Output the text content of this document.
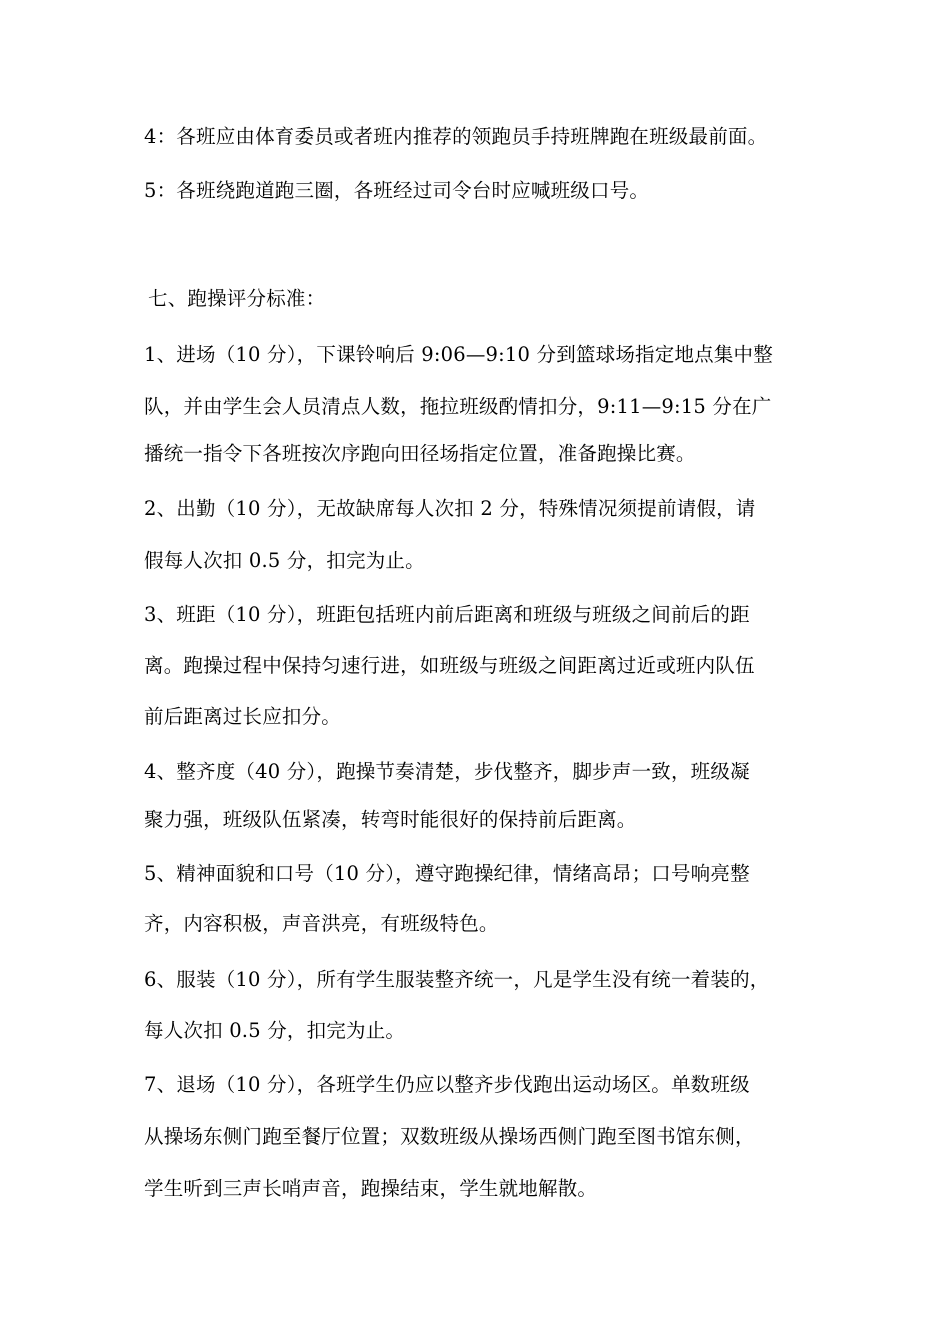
4：各班应由体育委员或者班内推荐的领跑员手持班牌跑在班级最前面。
5：各班绕跑道跑三圈，各班经过司令台时应喊班级口号。
七、跑操评分标准：
1、进场（10 分），下课铃响后 9:06—9:10 分到篮球场指定地点集中整
队，并由学生会人员清点人数，拖拉班级酌情扣分，9:11—9:15 分在广
播统一指令下各班按次序跑向田径场指定位置，准备跑操比赛。
2、出勤（10 分），无故缺席每人次扣 2 分，特殊情况须提前请假，请
假每人次扣 0.5 分，扣完为止。
3、班距（10 分），班距包括班内前后距离和班级与班级之间前后的距
离。跑操过程中保持匀速行进，如班级与班级之间距离过近或班内队伍
前后距离过长应扣分。
4、整齐度（40 分），跑操节奏清楚，步伐整齐，脚步声一致，班级凝
聚力强，班级队伍紧凑，转弯时能很好的保持前后距离。
5、精神面貌和口号（10 分），遵守跑操纪律，情绪高昂；口号响亮整
齐，内容积极，声音洪亮，有班级特色。
6、服装（10 分），所有学生服装整齐统一，凡是学生没有统一着装的，
每人次扣 0.5 分，扣完为止。
7、退场（10 分），各班学生仍应以整齐步伐跑出运动场区。单数班级
从操场东侧门跑至餐厅位置；双数班级从操场西侧门跑至图书馆东侧，
学生听到三声长哨声音，跑操结束，学生就地解散。
